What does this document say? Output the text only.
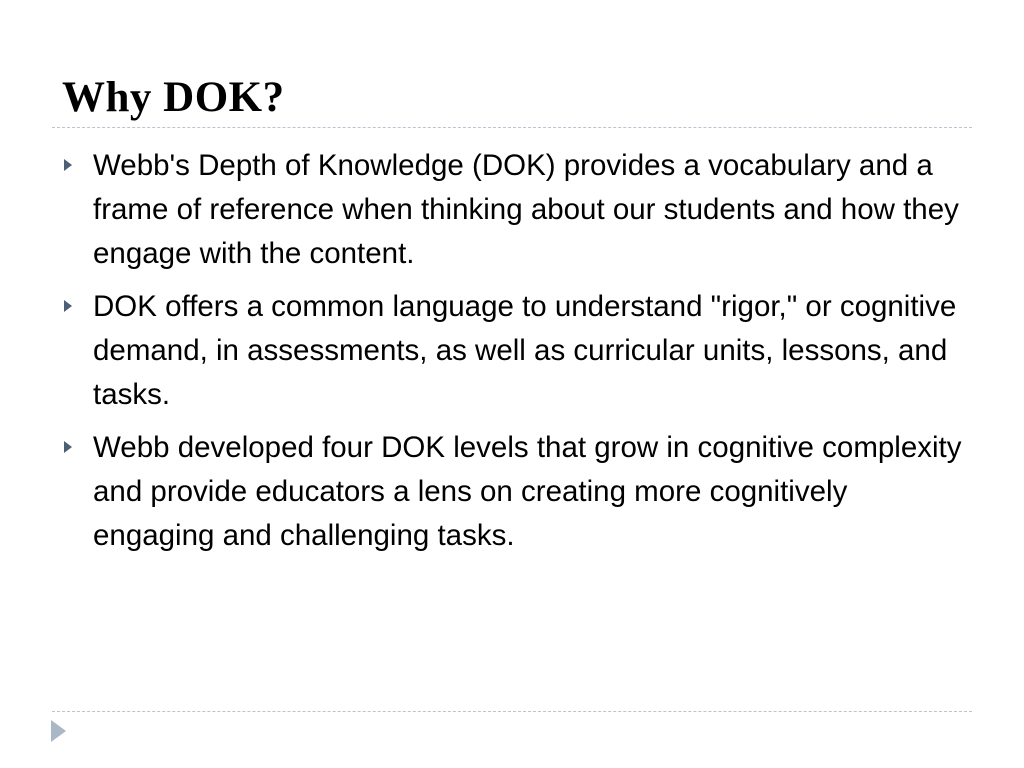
Why DOK?
Webb's Depth of Knowledge (DOK) provides a vocabulary and a frame of reference when thinking about our students and how they engage with the content.
DOK offers a common language to understand "rigor," or cognitive demand, in assessments, as well as curricular units, lessons, and tasks.
Webb developed four DOK levels that grow in cognitive complexity and provide educators a lens on creating more cognitively engaging and challenging tasks.
